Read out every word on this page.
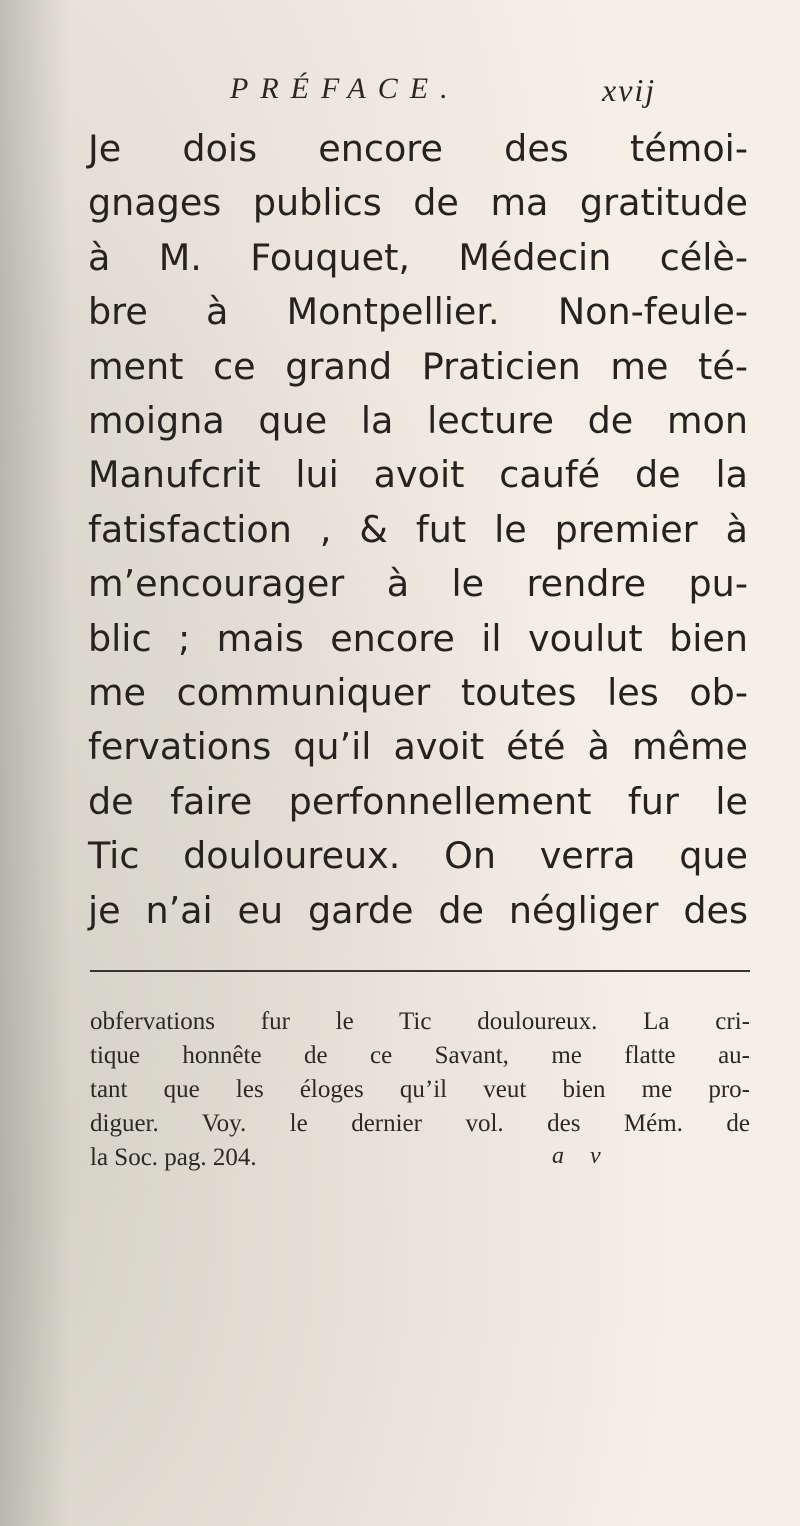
PRÉFACE.	xvij
Je dois encore des témoi-
gnages publics de ma gratitude
à M. Fouquet, Médecin célè-
bre à Montpellier. Non-feule-
ment ce grand Praticien me té-
moigna que la lecture de mon
Manufcrit lui avoit caufé de la
fatisfaction , & fut le premier à
m’encourager à le rendre pu-
blic ; mais encore il voulut bien
me communiquer toutes les ob-
fervations qu’il avoit été à même
de faire perfonnellement fur le
Tic douloureux. On verra que
je n’ai eu garde de négliger des
obfervations fur le Tic douloureux. La cri-
tique honnête de ce Savant, me flatte au-
tant que les éloges qu’il veut bien me pro-
diguer. Voy. le dernier vol. des Mém. de
la Soc. pag. 204.	a v
